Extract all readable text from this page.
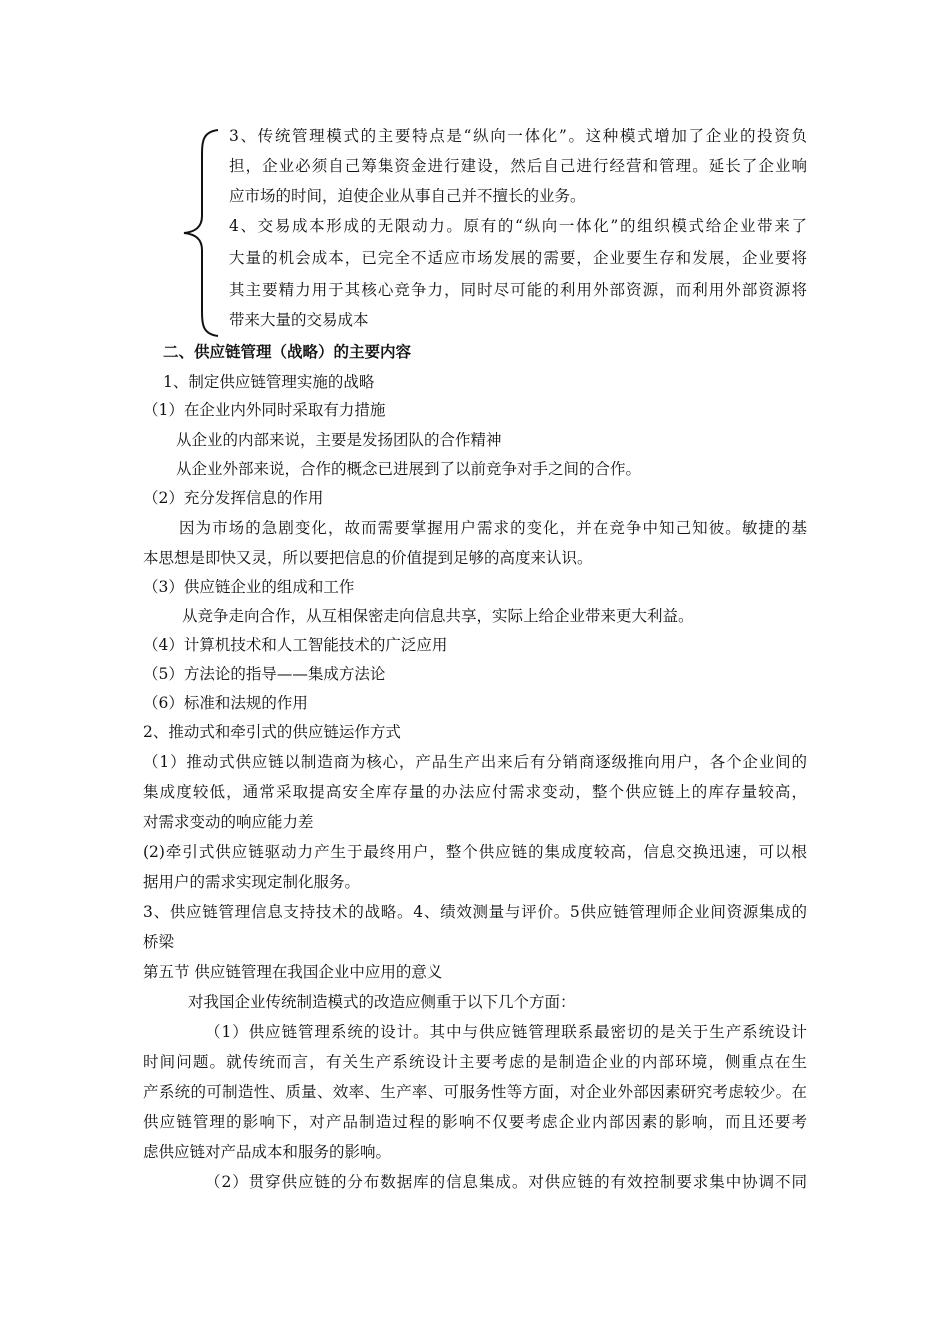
3、传统管理模式的主要特点是“纵向一体化”。这种模式增加了企业的投资负
担，企业必须自己筹集资金进行建设，然后自己进行经营和管理。延长了企业响
应市场的时间，迫使企业从事自己并不擅长的业务。
4、交易成本形成的无限动力。原有的“纵向一体化”的组织模式给企业带来了
大量的机会成本，已完全不适应市场发展的需要，企业要生存和发展，企业要将
其主要精力用于其核心竞争力，同时尽可能的利用外部资源，而利用外部资源将
带来大量的交易成本
二、供应链管理（战略）的主要内容
1、制定供应链管理实施的战略
（1）在企业内外同时采取有力措施
从企业的内部来说，主要是发扬团队的合作精神
从企业外部来说，合作的概念已进展到了以前竞争对手之间的合作。
（2）充分发挥信息的作用
因为市场的急剧变化，故而需要掌握用户需求的变化，并在竞争中知己知彼。敏捷的基
本思想是即快又灵，所以要把信息的价值提到足够的高度来认识。
（3）供应链企业的组成和工作
从竞争走向合作，从互相保密走向信息共享，实际上给企业带来更大利益。
（4）计算机技术和人工智能技术的广泛应用
（5）方法论的指导——集成方法论
（6）标准和法规的作用
2、推动式和牵引式的供应链运作方式
（1）推动式供应链以制造商为核心，产品生产出来后有分销商逐级推向用户，各个企业间的
集成度较低，通常采取提高安全库存量的办法应付需求变动，整个供应链上的库存量较高，
对需求变动的响应能力差
(2)牵引式供应链驱动力产生于最终用户，整个供应链的集成度较高，信息交换迅速，可以根
据用户的需求实现定制化服务。
3、供应链管理信息支持技术的战略。4、绩效测量与评价。5供应链管理师企业间资源集成的
桥梁
第五节 供应链管理在我国企业中应用的意义
对我国企业传统制造模式的改造应侧重于以下几个方面：
（1）供应链管理系统的设计。其中与供应链管理联系最密切的是关于生产系统设计
时间问题。就传统而言，有关生产系统设计主要考虑的是制造企业的内部环境，侧重点在生
产系统的可制造性、质量、效率、生产率、可服务性等方面，对企业外部因素研究考虑较少。在
供应链管理的影响下，对产品制造过程的影响不仅要考虑企业内部因素的影响，而且还要考
虑供应链对产品成本和服务的影响。
（2）贯穿供应链的分布数据库的信息集成。对供应链的有效控制要求集中协调不同
